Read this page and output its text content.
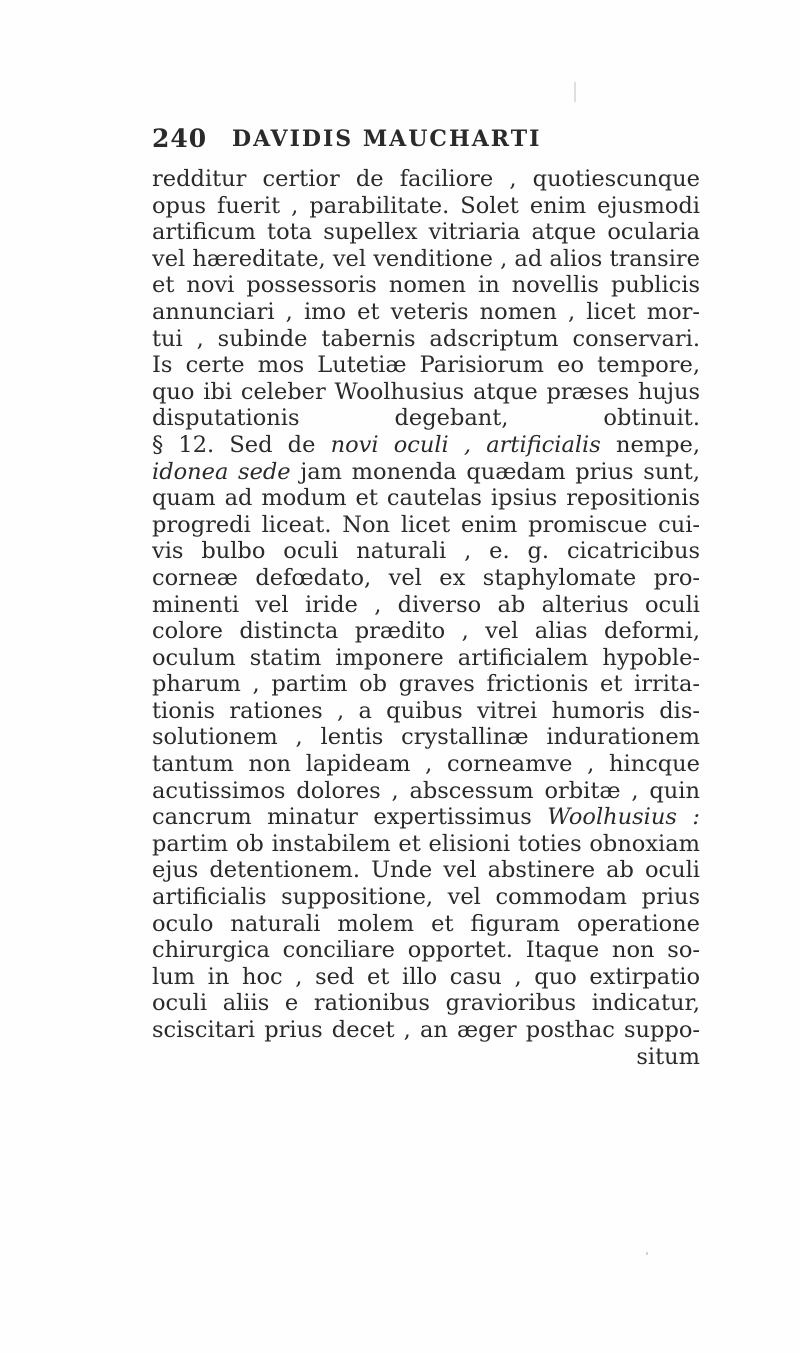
240 DAVIDIS MAUCHARTI
redditur certior de faciliore , quotiescunque
opus fuerit , parabilitate. Solet enim ejusmodi
artificum tota supellex vitriaria atque ocularia
vel hæreditate, vel venditione , ad alios transire
et novi possessoris nomen in novellis publicis
annunciari , imo et veteris nomen , licet mor-
tui , subinde tabernis adscriptum conservari.
Is certe mos Lutetiæ Parisiorum eo tempore,
quo ibi celeber Woolhusius atque præses hujus
disputationis degebant, obtinuit.
§ 12. Sed de novi oculi , artificialis nempe,
idonea sede jam monenda quædam prius sunt,
quam ad modum et cautelas ipsius repositionis
progredi liceat. Non licet enim promiscue cui-
vis bulbo oculi naturali , e. g. cicatricibus
corneæ defœdato, vel ex staphylomate pro-
minenti vel iride , diverso ab alterius oculi
colore distincta prædito , vel alias deformi,
oculum statim imponere artificialem hypoble-
pharum , partim ob graves frictionis et irrita-
tionis rationes , a quibus vitrei humoris dis-
solutionem , lentis crystallinæ indurationem
tantum non lapideam , corneamve , hincque
acutissimos dolores , abscessum orbitæ , quin
cancrum minatur expertissimus Woolhusius :
partim ob instabilem et elisioni toties obnoxiam
ejus detentionem. Unde vel abstinere ab oculi
artificialis suppositione, vel commodam prius
oculo naturali molem et figuram operatione
chirurgica conciliare opportet. Itaque non so-
lum in hoc , sed et illo casu , quo extirpatio
oculi aliis e rationibus gravioribus indicatur,
sciscitari prius decet , an æger posthac suppo-
situm
